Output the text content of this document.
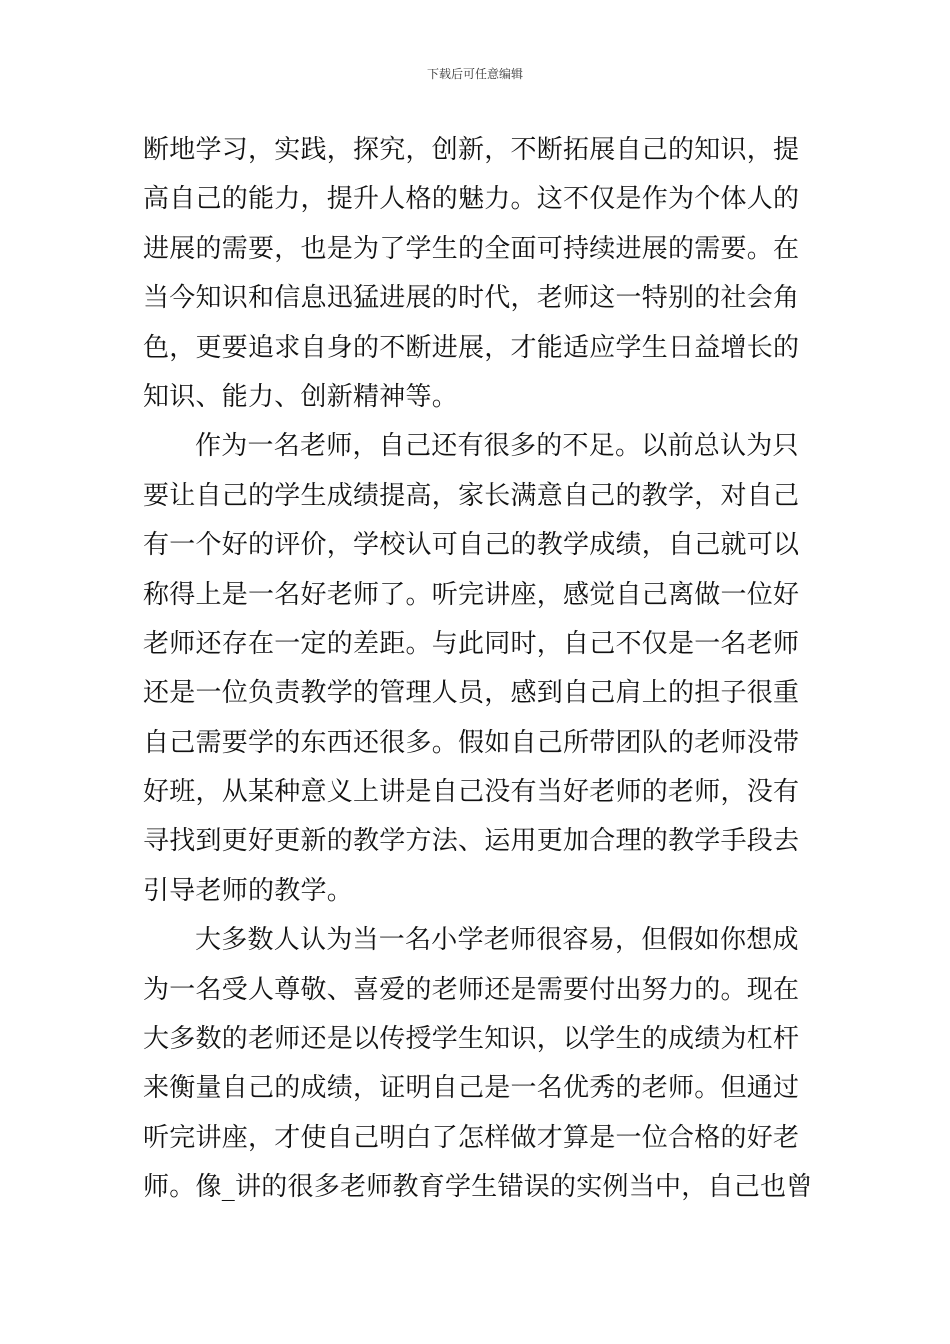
下载后可任意编辑
断地学习，实践，探究，创新，不断拓展自己的知识，提
高自己的能力，提升人格的魅力。这不仅是作为个体人的
进展的需要，也是为了学生的全面可持续进展的需要。在
当今知识和信息迅猛进展的时代，老师这一特别的社会角
色，更要追求自身的不断进展，才能适应学生日益增长的
知识、能力、创新精神等。
作为一名老师，自己还有很多的不足。以前总认为只
要让自己的学生成绩提高，家长满意自己的教学，对自己
有一个好的评价，学校认可自己的教学成绩，自己就可以
称得上是一名好老师了。听完讲座，感觉自己离做一位好
老师还存在一定的差距。与此同时，自己不仅是一名老师
还是一位负责教学的管理人员，感到自己肩上的担子很重
自己需要学的东西还很多。假如自己所带团队的老师没带
好班，从某种意义上讲是自己没有当好老师的老师，没有
寻找到更好更新的教学方法、运用更加合理的教学手段去
引导老师的教学。
大多数人认为当一名小学老师很容易，但假如你想成
为一名受人尊敬、喜爱的老师还是需要付出努力的。现在
大多数的老师还是以传授学生知识，以学生的成绩为杠杆
来衡量自己的成绩，证明自己是一名优秀的老师。但通过
听完讲座，才使自己明白了怎样做才算是一位合格的好老
师。像_讲的很多老师教育学生错误的实例当中，自己也曾
